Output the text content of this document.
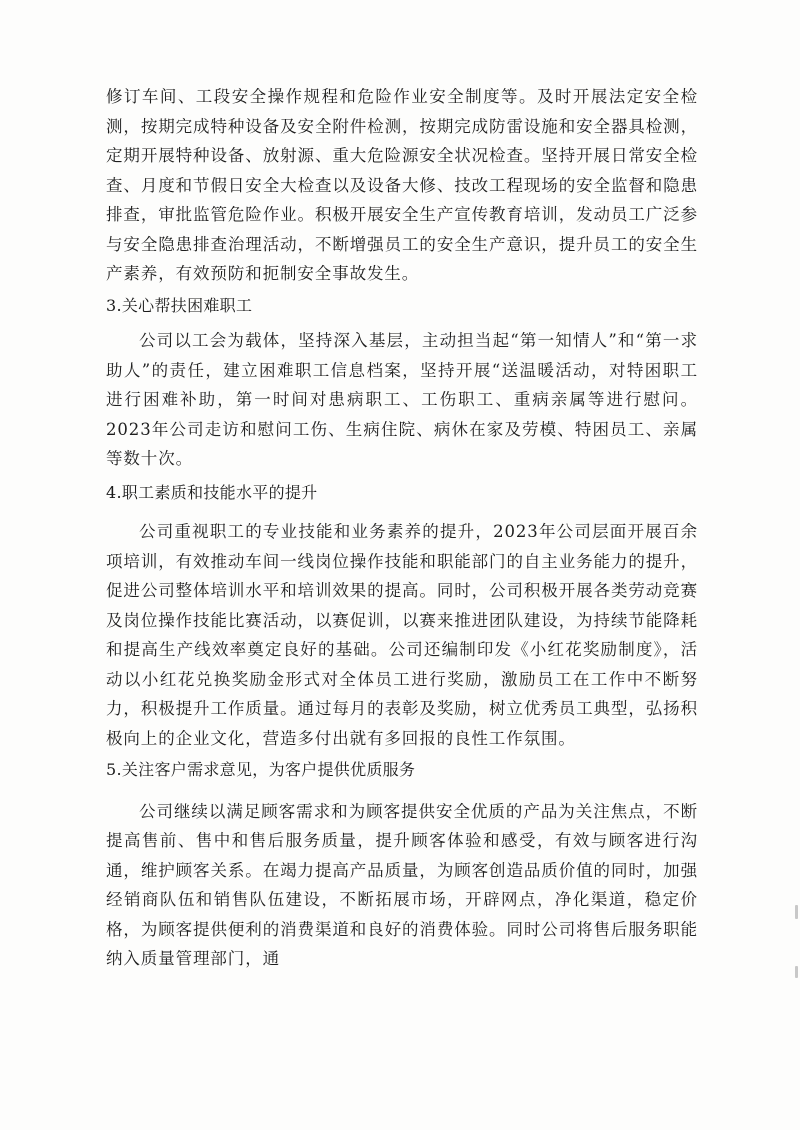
修订车间、工段安全操作规程和危险作业安全制度等。及时开展法定安全检测，按期完成特种设备及安全附件检测，按期完成防雷设施和安全器具检测，定期开展特种设备、放射源、重大危险源安全状况检查。坚持开展日常安全检查、月度和节假日安全大检查以及设备大修、技改工程现场的安全监督和隐患排查，审批监管危险作业。积极开展安全生产宣传教育培训，发动员工广泛参与安全隐患排查治理活动，不断增强员工的安全生产意识，提升员工的安全生产素养，有效预防和扼制安全事故发生。

3.关心帮扶困难职工

公司以工会为载体，坚持深入基层，主动担当起“第一知情人”和“第一求助人”的责任，建立困难职工信息档案，坚持开展“送温暖活动，对特困职工进行困难补助，第一时间对患病职工、工伤职工、重病亲属等进行慰问。2023年公司走访和慰问工伤、生病住院、病休在家及劳模、特困员工、亲属等数十次。

4.职工素质和技能水平的提升

公司重视职工的专业技能和业务素养的提升，2023年公司层面开展百余项培训，有效推动车间一线岗位操作技能和职能部门的自主业务能力的提升，促进公司整体培训水平和培训效果的提高。同时，公司积极开展各类劳动竞赛及岗位操作技能比赛活动，以赛促训，以赛来推进团队建设，为持续节能降耗和提高生产线效率奠定良好的基础。公司还编制印发《小红花奖励制度》，活动以小红花兑换奖励金形式对全体员工进行奖励，激励员工在工作中不断努力，积极提升工作质量。通过每月的表彰及奖励，树立优秀员工典型，弘扬积极向上的企业文化，营造多付出就有多回报的良性工作氛围。

5.关注客户需求意见，为客户提供优质服务

公司继续以满足顾客需求和为顾客提供安全优质的产品为关注焦点，不断提高售前、售中和售后服务质量，提升顾客体验和感受，有效与顾客进行沟通，维护顾客关系。在竭力提高产品质量，为顾客创造品质价值的同时，加强经销商队伍和销售队伍建设，不断拓展市场，开辟网点，净化渠道，稳定价格，为顾客提供便利的消费渠道和良好的消费体验。同时公司将售后服务职能纳入质量管理部门，通
